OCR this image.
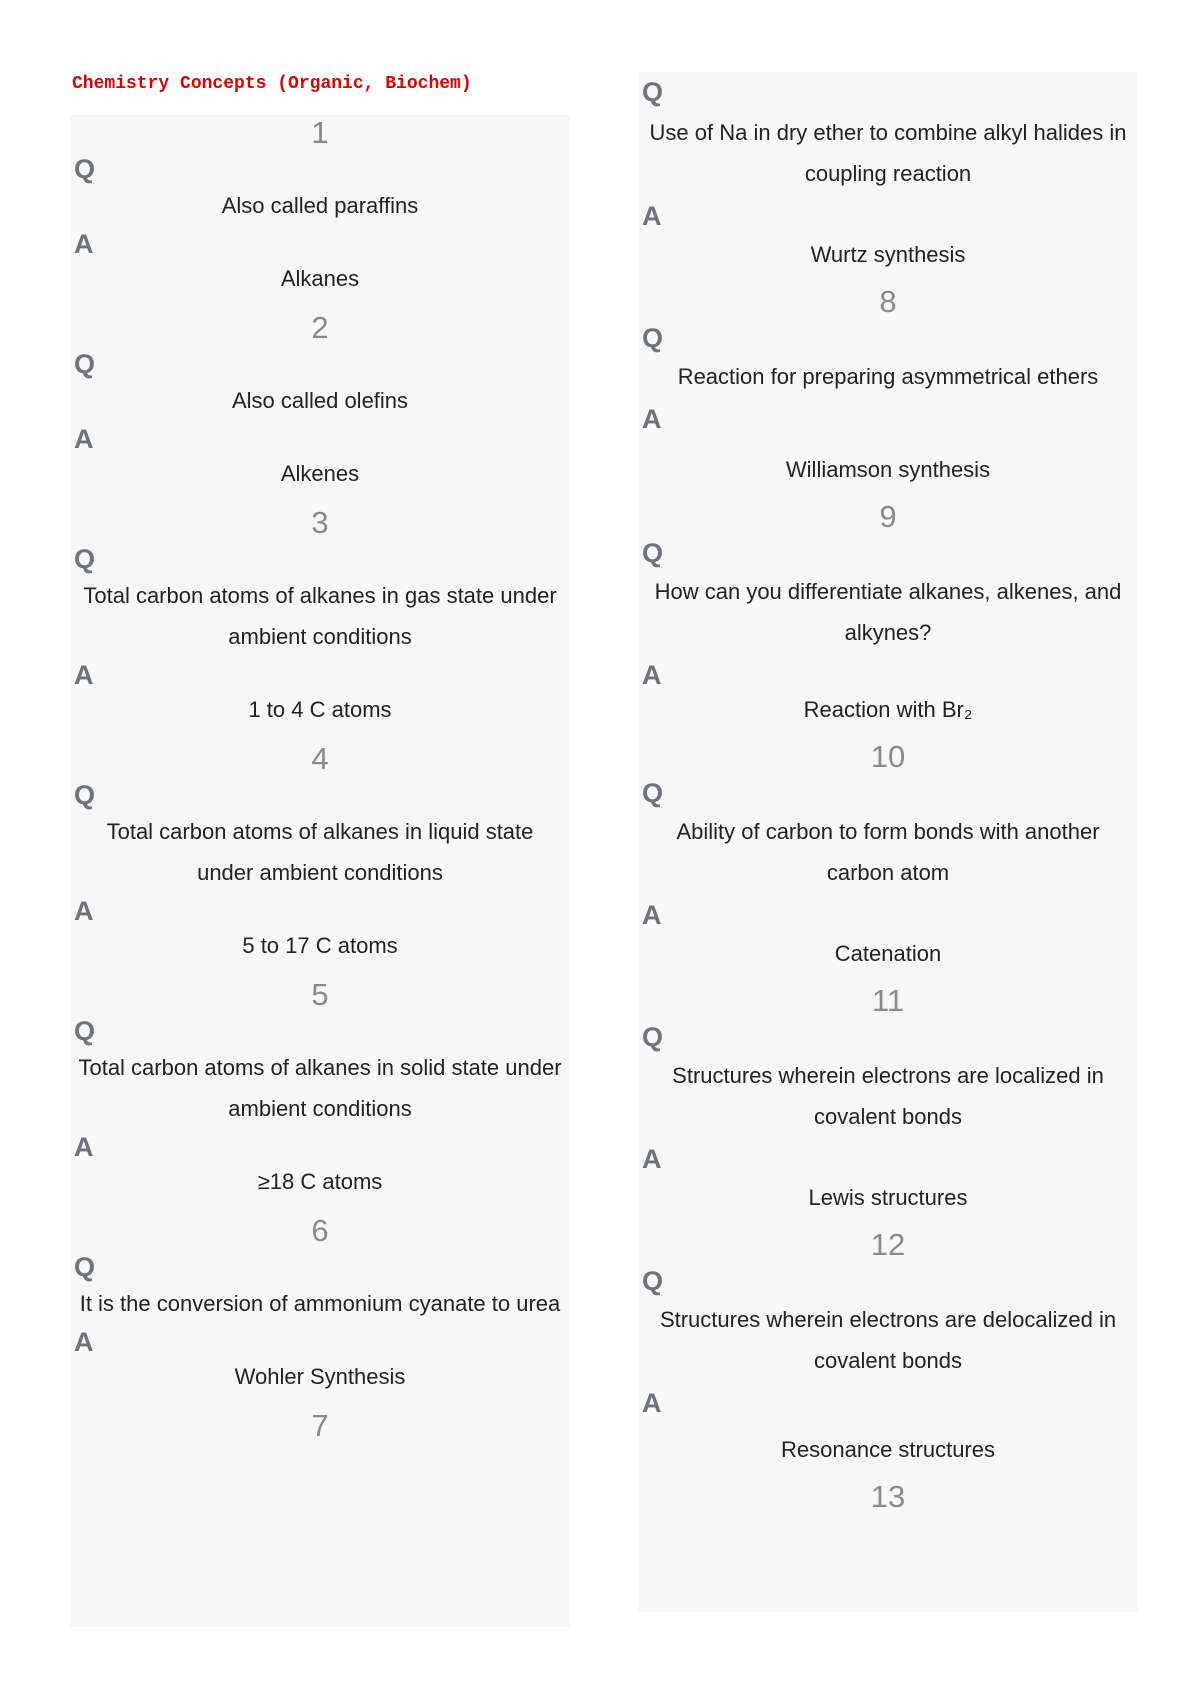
Chemistry Concepts (Organic, Biochem)
1
Q
Also called paraffins
A
Alkanes
2
Q
Also called olefins
A
Alkenes
3
Q
Total carbon atoms of alkanes in gas state under ambient conditions
A
1 to 4 C atoms
4
Q
Total carbon atoms of alkanes in liquid state under ambient conditions
A
5 to 17 C atoms
5
Q
Total carbon atoms of alkanes in solid state under ambient conditions
A
≥18 C atoms
6
Q
It is the conversion of ammonium cyanate to urea
A
Wohler Synthesis
7
Q
Use of Na in dry ether to combine alkyl halides in coupling reaction
A
Wurtz synthesis
8
Q
Reaction for preparing asymmetrical ethers
A
Williamson synthesis
9
Q
How can you differentiate alkanes, alkenes, and alkynes?
A
Reaction with Br₂
10
Q
Ability of carbon to form bonds with another carbon atom
A
Catenation
11
Q
Structures wherein electrons are localized in covalent bonds
A
Lewis structures
12
Q
Structures wherein electrons are delocalized in covalent bonds
A
Resonance structures
13
